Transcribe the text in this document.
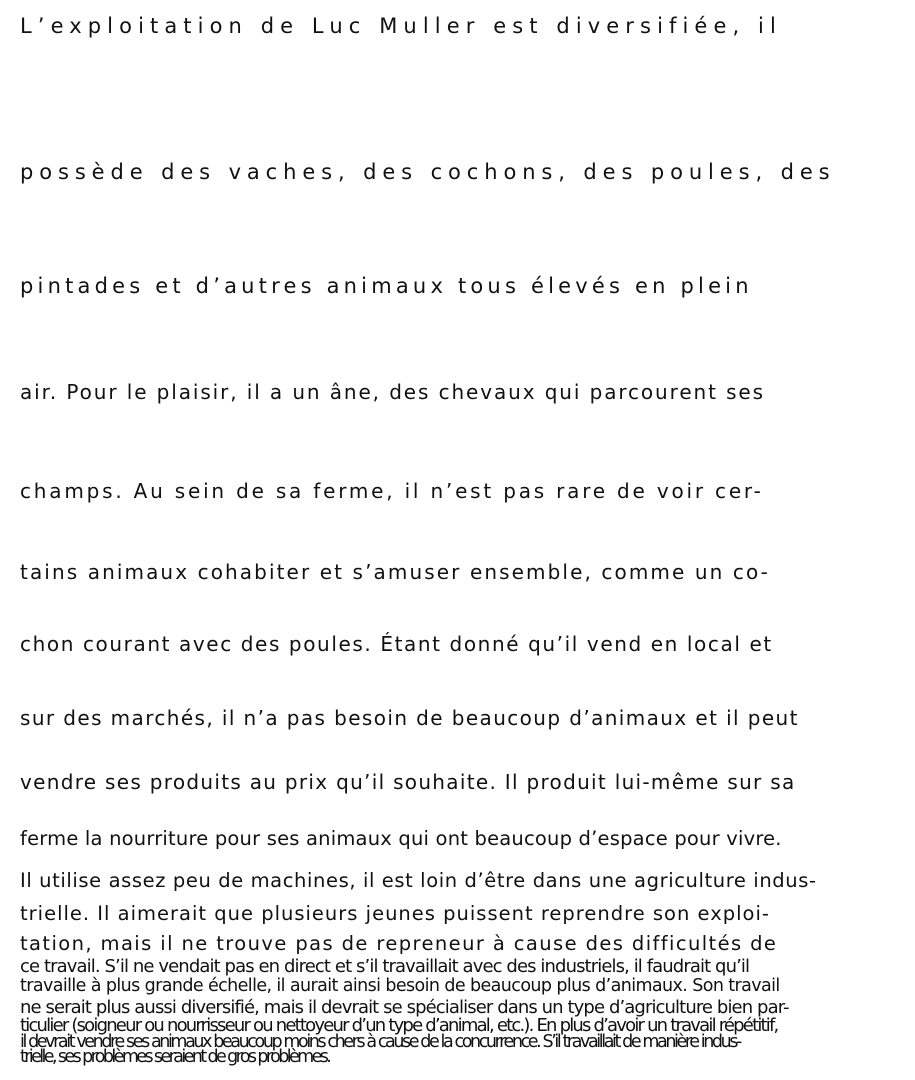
L’exploitation de Luc Muller est diversifiée, il
possède des vaches, des cochons, des poules, des
pintades et d’autres animaux tous élevés en plein
air. Pour le plaisir, il a un âne, des chevaux qui parcourent ses
champs. Au sein de sa ferme, il n’est pas rare de voir cer-
tains animaux cohabiter et s’amuser ensemble, comme un co-
chon courant avec des poules. Étant donné qu’il vend en local et
sur des marchés, il n’a pas besoin de beaucoup d’animaux et il peut
vendre ses produits au prix qu’il souhaite. Il produit lui-même sur sa
ferme la nourriture pour ses animaux qui ont beaucoup d’espace pour vivre.
Il utilise assez peu de machines, il est loin d’être dans une agriculture indus-
trielle. Il aimerait que plusieurs jeunes puissent reprendre son exploi-
tation, mais il ne trouve pas de repreneur à cause des difficultés de
ce travail. S’il ne vendait pas en direct et s’il travaillait avec des industriels, il faudrait qu’il
travaille à plus grande échelle, il aurait ainsi besoin de beaucoup plus d’animaux. Son travail
ne serait plus aussi diversifié, mais il devrait se spécialiser dans un type d’agriculture bien par-
ticulier (soigneur ou nourrisseur ou nettoyeur d’un type d’animal, etc.). En plus d’avoir un travail répétitif,
il devrait vendre ses animaux beaucoup moins chers à cause de la concurrence. S’il travaillait de manière indus-
trielle, ses problèmes seraient de gros problèmes.
